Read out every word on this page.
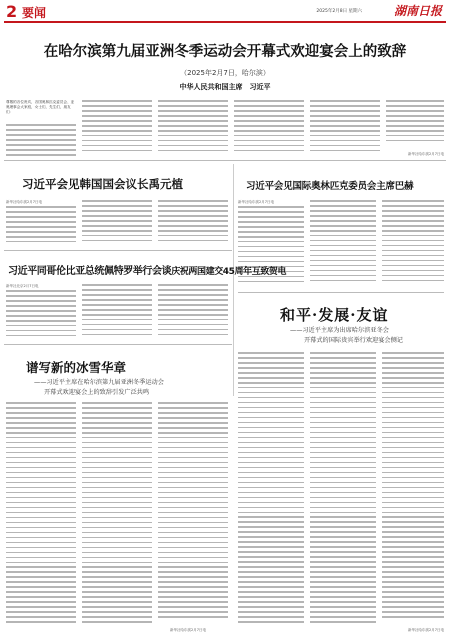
2 要闻	2025年2月8日 星期六	湖南日报
在哈尔滨第九届亚洲冬季运动会开幕式欢迎宴会上的致辞
（2025年2月7日，哈尔滨）
中华人民共和国主席　习近平
尊敬的各位贵宾，各国奥林匹克委员会、亚奥理事会大家庭，女士们，先生们，朋友们：
新华社哈尔滨2月7日电
习近平会见韩国国会议长禹元植
新华社哈尔滨2月7日电
习近平会见国际奥林匹克委员会主席巴赫
新华社哈尔滨2月7日电
习近平同哥伦比亚总统佩特罗举行会谈庆祝两国建交45周年互致贺电
新华社北京2月7日电
和平·发展·友谊
——习近平主席为出席哈尔滨亚冬会
开幕式的国际贵宾举行欢迎宴会侧记
谱写新的冰雪华章
——习近平主席在哈尔滨第九届亚洲冬季运动会
开幕式欢迎宴会上的致辞引发广泛共鸣
新华社哈尔滨2月7日电
新华社哈尔滨2月7日电
